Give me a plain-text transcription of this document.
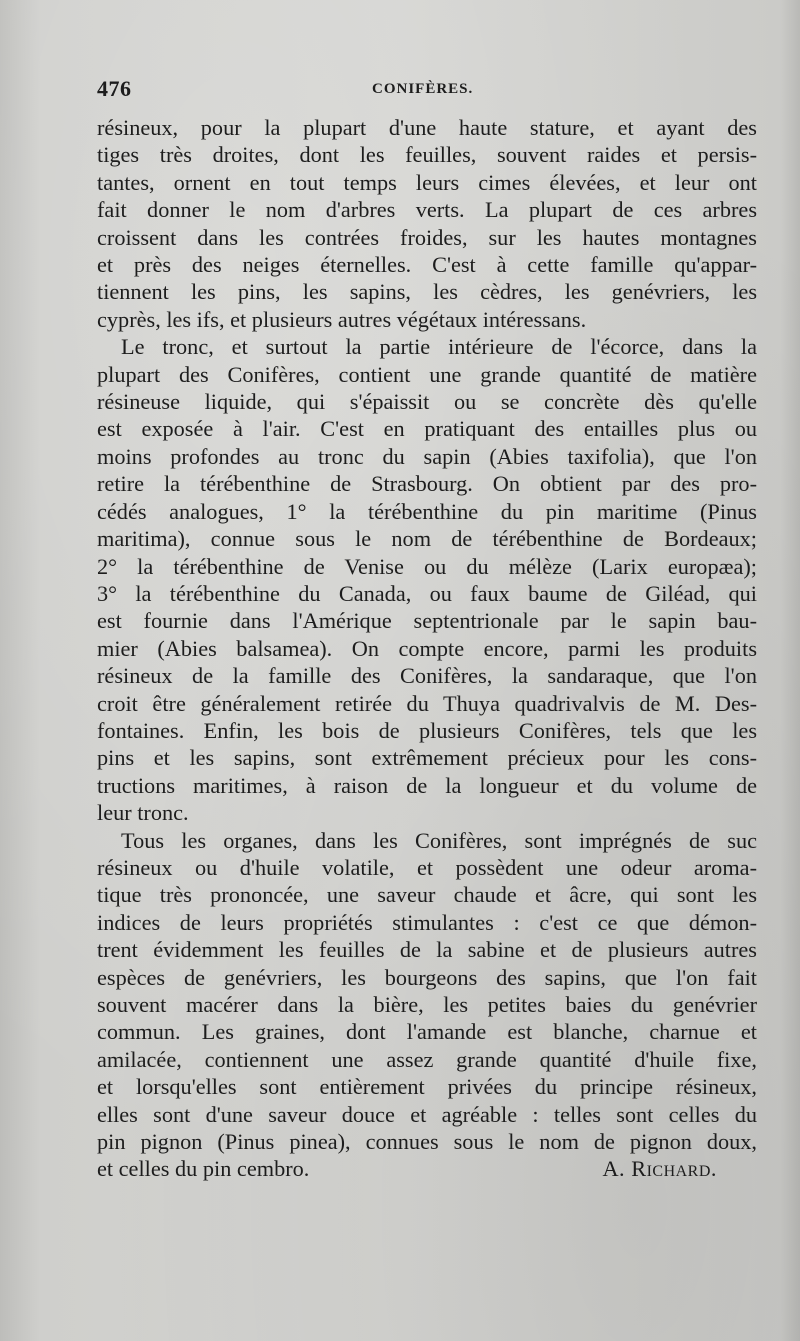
476	CONIFÈRES.
résineux, pour la plupart d'une haute stature, et ayant des
tiges très droites, dont les feuilles, souvent raides et persis-
tantes, ornent en tout temps leurs cimes élevées, et leur ont
fait donner le nom d'arbres verts. La plupart de ces arbres
croissent dans les contrées froides, sur les hautes montagnes
et près des neiges éternelles. C'est à cette famille qu'appar-
tiennent les pins, les sapins, les cèdres, les genévriers, les
cyprès, les ifs, et plusieurs autres végétaux intéressans.
Le tronc, et surtout la partie intérieure de l'écorce, dans la
plupart des Conifères, contient une grande quantité de matière
résineuse liquide, qui s'épaissit ou se concrète dès qu'elle
est exposée à l'air. C'est en pratiquant des entailles plus ou
moins profondes au tronc du sapin (Abies taxifolia), que l'on
retire la térébenthine de Strasbourg. On obtient par des pro-
cédés analogues, 1° la térébenthine du pin maritime (Pinus
maritima), connue sous le nom de térébenthine de Bordeaux;
2° la térébenthine de Venise ou du mélèze (Larix europæa);
3° la térébenthine du Canada, ou faux baume de Giléad, qui
est fournie dans l'Amérique septentrionale par le sapin bau-
mier (Abies balsamea). On compte encore, parmi les produits
résineux de la famille des Conifères, la sandaraque, que l'on
croit être généralement retirée du Thuya quadrivalvis de M. Des-
fontaines. Enfin, les bois de plusieurs Conifères, tels que les
pins et les sapins, sont extrêmement précieux pour les cons-
tructions maritimes, à raison de la longueur et du volume de
leur tronc.
Tous les organes, dans les Conifères, sont imprégnés de suc
résineux ou d'huile volatile, et possèdent une odeur aroma-
tique très prononcée, une saveur chaude et âcre, qui sont les
indices de leurs propriétés stimulantes : c'est ce que démon-
trent évidemment les feuilles de la sabine et de plusieurs autres
espèces de genévriers, les bourgeons des sapins, que l'on fait
souvent macérer dans la bière, les petites baies du genévrier
commun. Les graines, dont l'amande est blanche, charnue et
amilacée, contiennent une assez grande quantité d'huile fixe,
et lorsqu'elles sont entièrement privées du principe résineux,
elles sont d'une saveur douce et agréable : telles sont celles du
pin pignon (Pinus pinea), connues sous le nom de pignon doux,
et celles du pin cembro.	A. Richard.
